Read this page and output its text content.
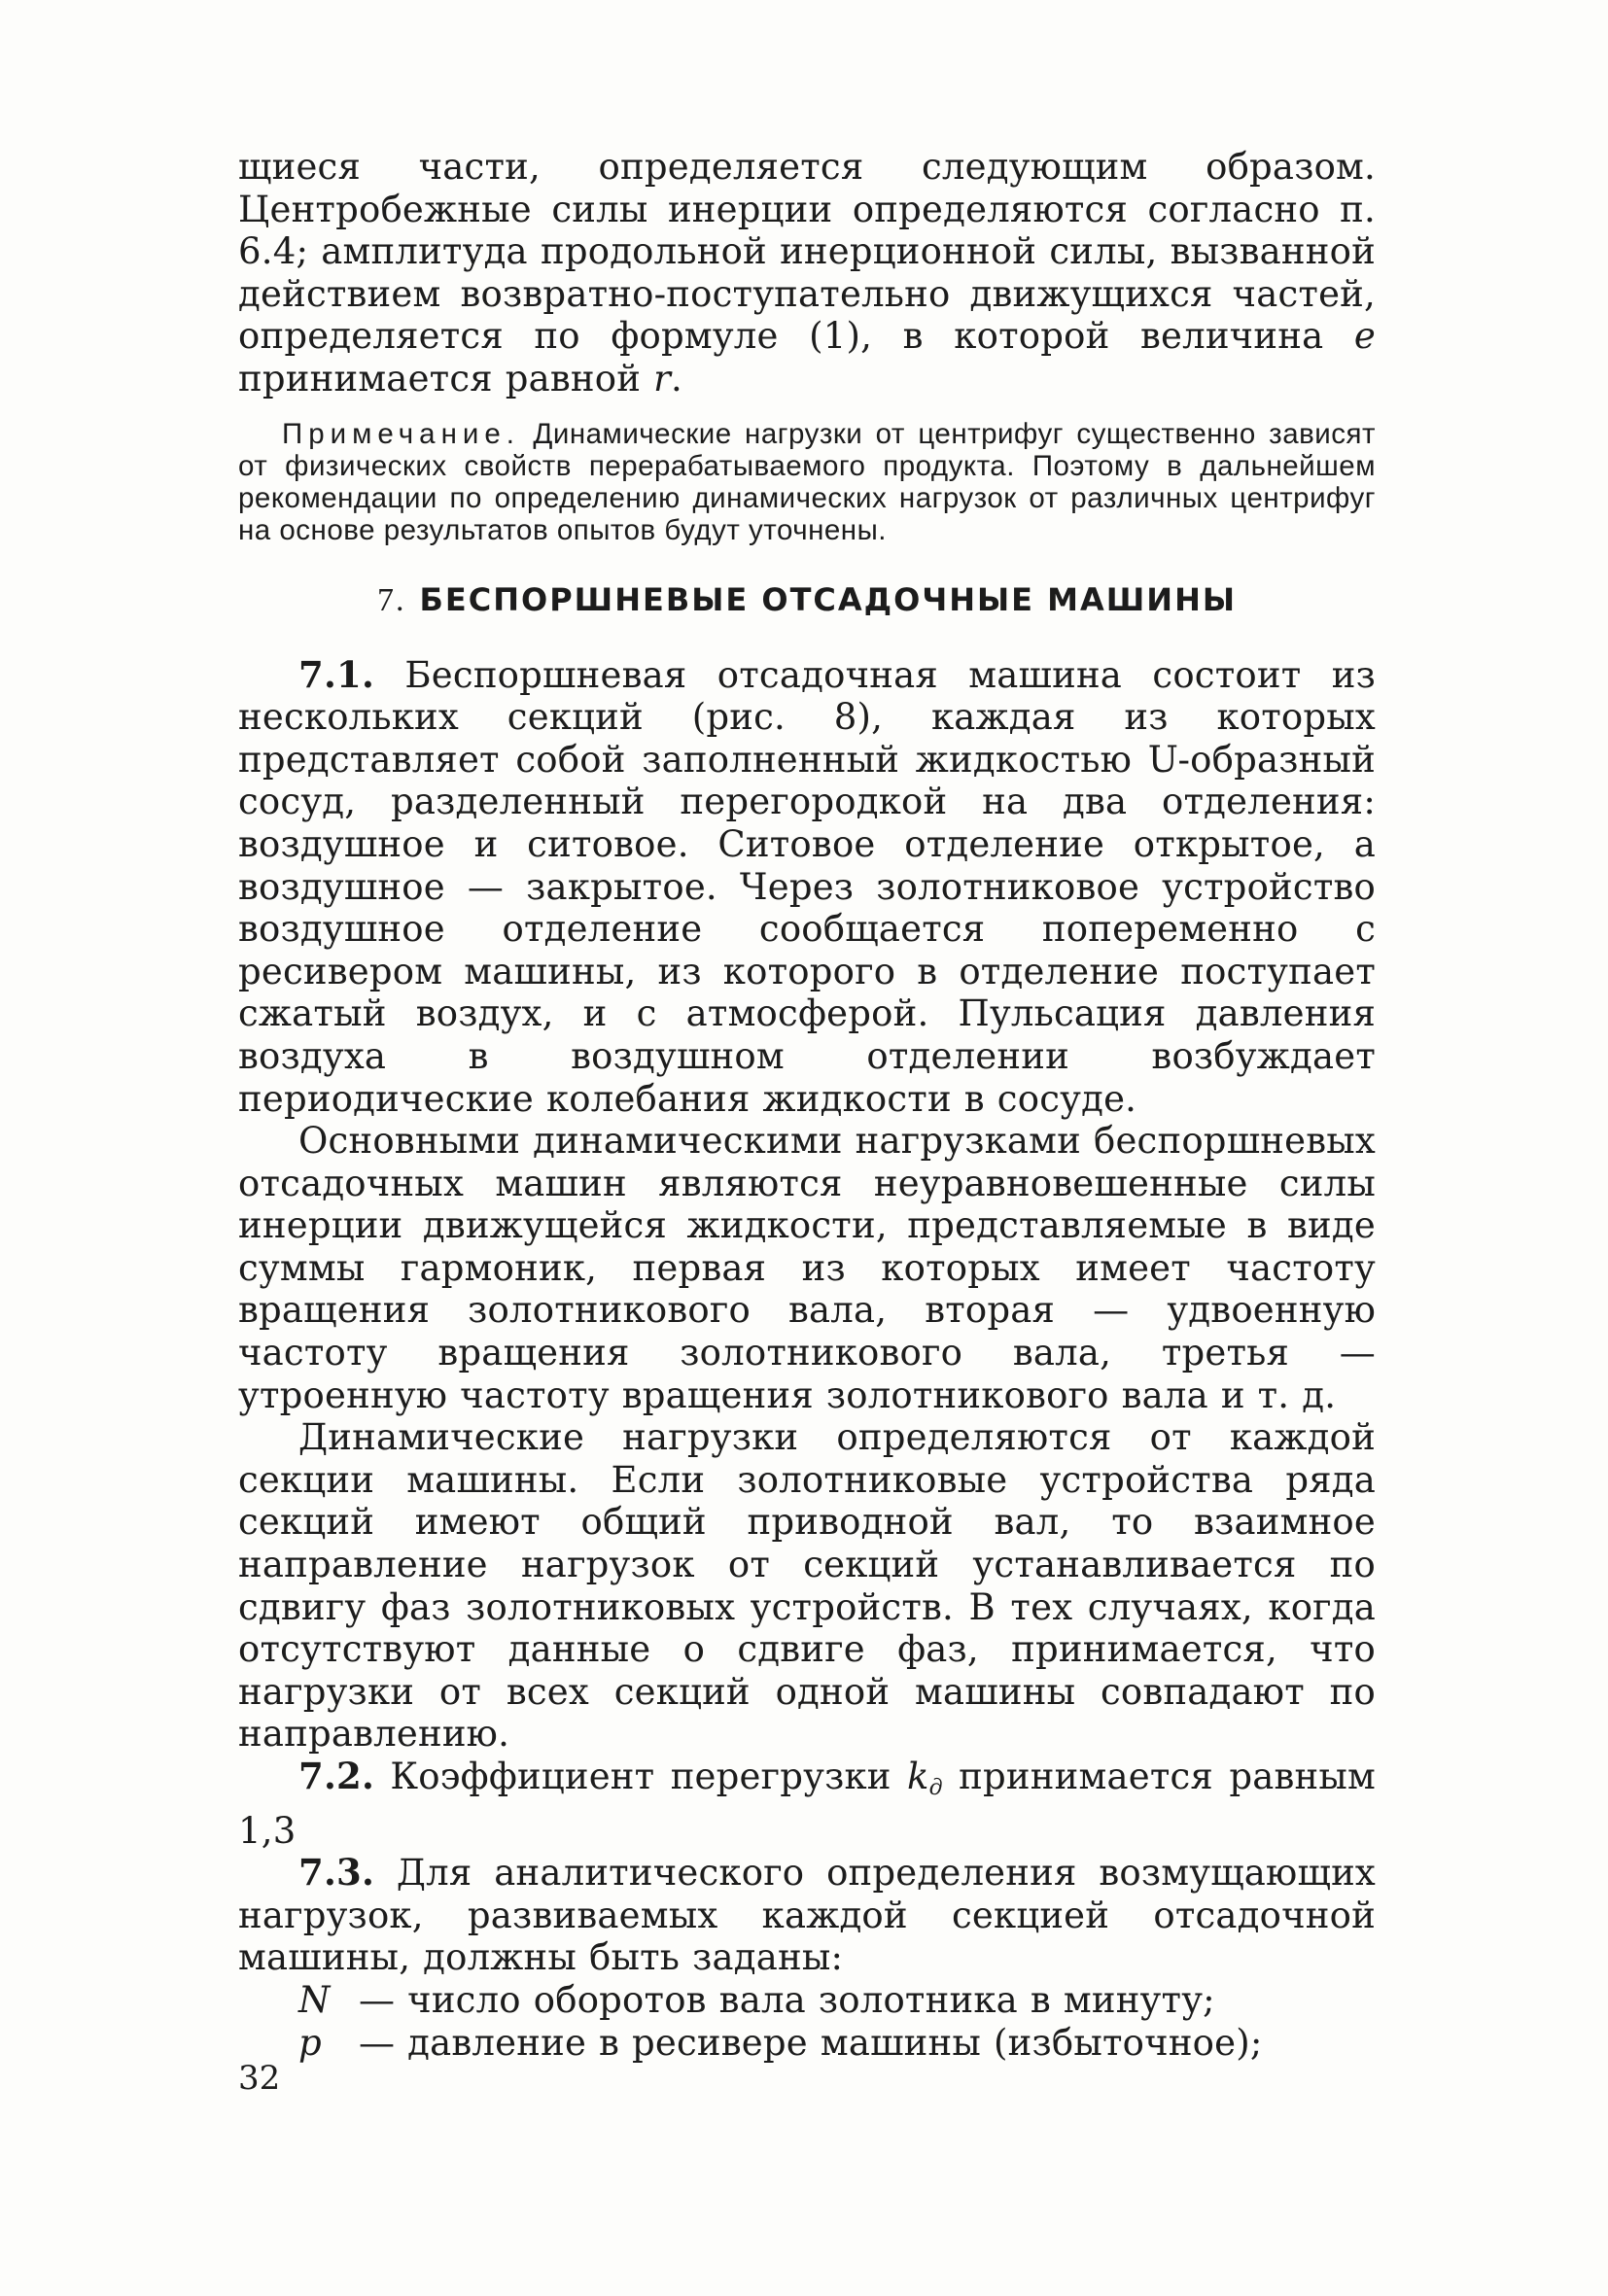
щиеся части, определяется следующим образом. Центробежные силы инерции определяются согласно п. 6.4; амплитуда продольной инерционной силы, вызванной действием возвратно-поступательно движущихся частей, определяется по формуле (1), в которой величина e принимается равной r.

Примечание. Динамические нагрузки от центрифуг существенно зависят от физических свойств перерабатываемого продукта. Поэтому в дальнейшем рекомендации по определению динамических нагрузок от различных центрифуг на основе результатов опытов будут уточнены.

7. БЕСПОРШНЕВЫЕ ОТСАДОЧНЫЕ МАШИНЫ

7.1. Беспоршневая отсадочная машина состоит из нескольких секций (рис. 8), каждая из которых представляет собой заполненный жидкостью U-образный сосуд, разделенный перегородкой на два отделения: воздушное и ситовое. Ситовое отделение открытое, а воздушное — закрытое. Через золотниковое устройство воздушное отделение сообщается попеременно с ресивером машины, из которого в отделение поступает сжатый воздух, и с атмосферой. Пульсация давления воздуха в воздушном отделении возбуждает периодические колебания жидкости в сосуде.

Основными динамическими нагрузками беспоршневых отсадочных машин являются неуравновешенные силы инерции движущейся жидкости, представляемые в виде суммы гармоник, первая из которых имеет частоту вращения золотникового вала, вторая — удвоенную частоту вращения золотникового вала, третья — утроенную частоту вращения золотникового вала и т. д.

Динамические нагрузки определяются от каждой секции машины. Если золотниковые устройства ряда секций имеют общий приводной вал, то взаимное направление нагрузок от секций устанавливается по сдвигу фаз золотниковых устройств. В тех случаях, когда отсутствуют данные о сдвиге фаз, принимается, что нагрузки от всех секций одной машины совпадают по направлению.

7.2. Коэффициент перегрузки $k_д$ принимается равным 1,3

7.3. Для аналитического определения возмущающих нагрузок, развиваемых каждой секцией отсадочной машины, должны быть заданы:

N — число оборотов вала золотника в минуту;
p — давление в ресивере машины (избыточное);
32
